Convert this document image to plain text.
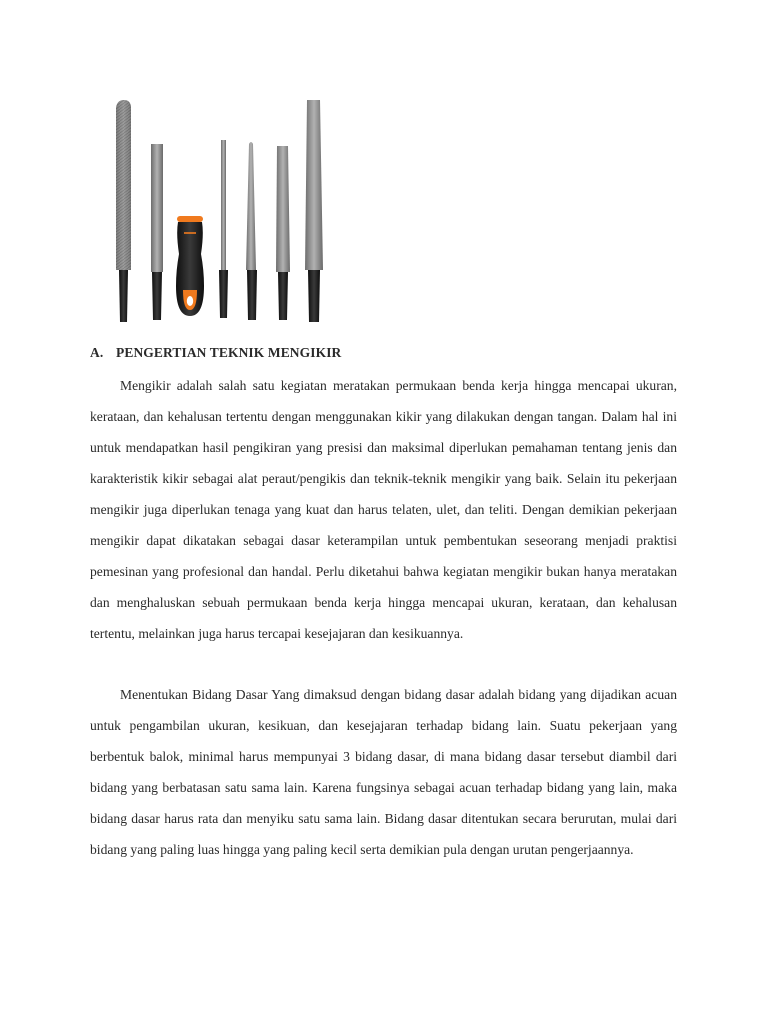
A. PENGERTIAN TEKNIK MENGIKIR

Mengikir adalah salah satu kegiatan meratakan permukaan benda kerja hingga mencapai ukuran, kerataan, dan kehalusan tertentu dengan menggunakan kikir yang dilakukan dengan tangan. Dalam hal ini untuk mendapatkan hasil pengikiran yang presisi dan maksimal diperlukan pemahaman tentang jenis dan karakteristik kikir sebagai alat peraut/pengikis dan teknik-teknik mengikir yang baik. Selain itu pekerjaan mengikir juga diperlukan tenaga yang kuat dan harus telaten, ulet, dan teliti. Dengan demikian pekerjaan mengikir dapat dikatakan sebagai dasar keterampilan untuk pembentukan seseorang menjadi praktisi pemesinan yang profesional dan handal. Perlu diketahui bahwa kegiatan mengikir bukan hanya meratakan dan menghaluskan sebuah permukaan benda kerja hingga mencapai ukuran, kerataan, dan kehalusan tertentu, melainkan juga harus tercapai kesejajaran dan kesikuannya.

Menentukan Bidang Dasar Yang dimaksud dengan bidang dasar adalah bidang yang dijadikan acuan untuk pengambilan ukuran, kesikuan, dan kesejajaran terhadap bidang lain. Suatu pekerjaan yang berbentuk balok, minimal harus mempunyai 3 bidang dasar, di mana bidang dasar tersebut diambil dari bidang yang berbatasan satu sama lain. Karena fungsinya sebagai acuan terhadap bidang yang lain, maka bidang dasar harus rata dan menyiku satu sama lain. Bidang dasar ditentukan secara berurutan, mulai dari bidang yang paling luas hingga yang paling kecil serta demikian pula dengan urutan pengerjaannya.
